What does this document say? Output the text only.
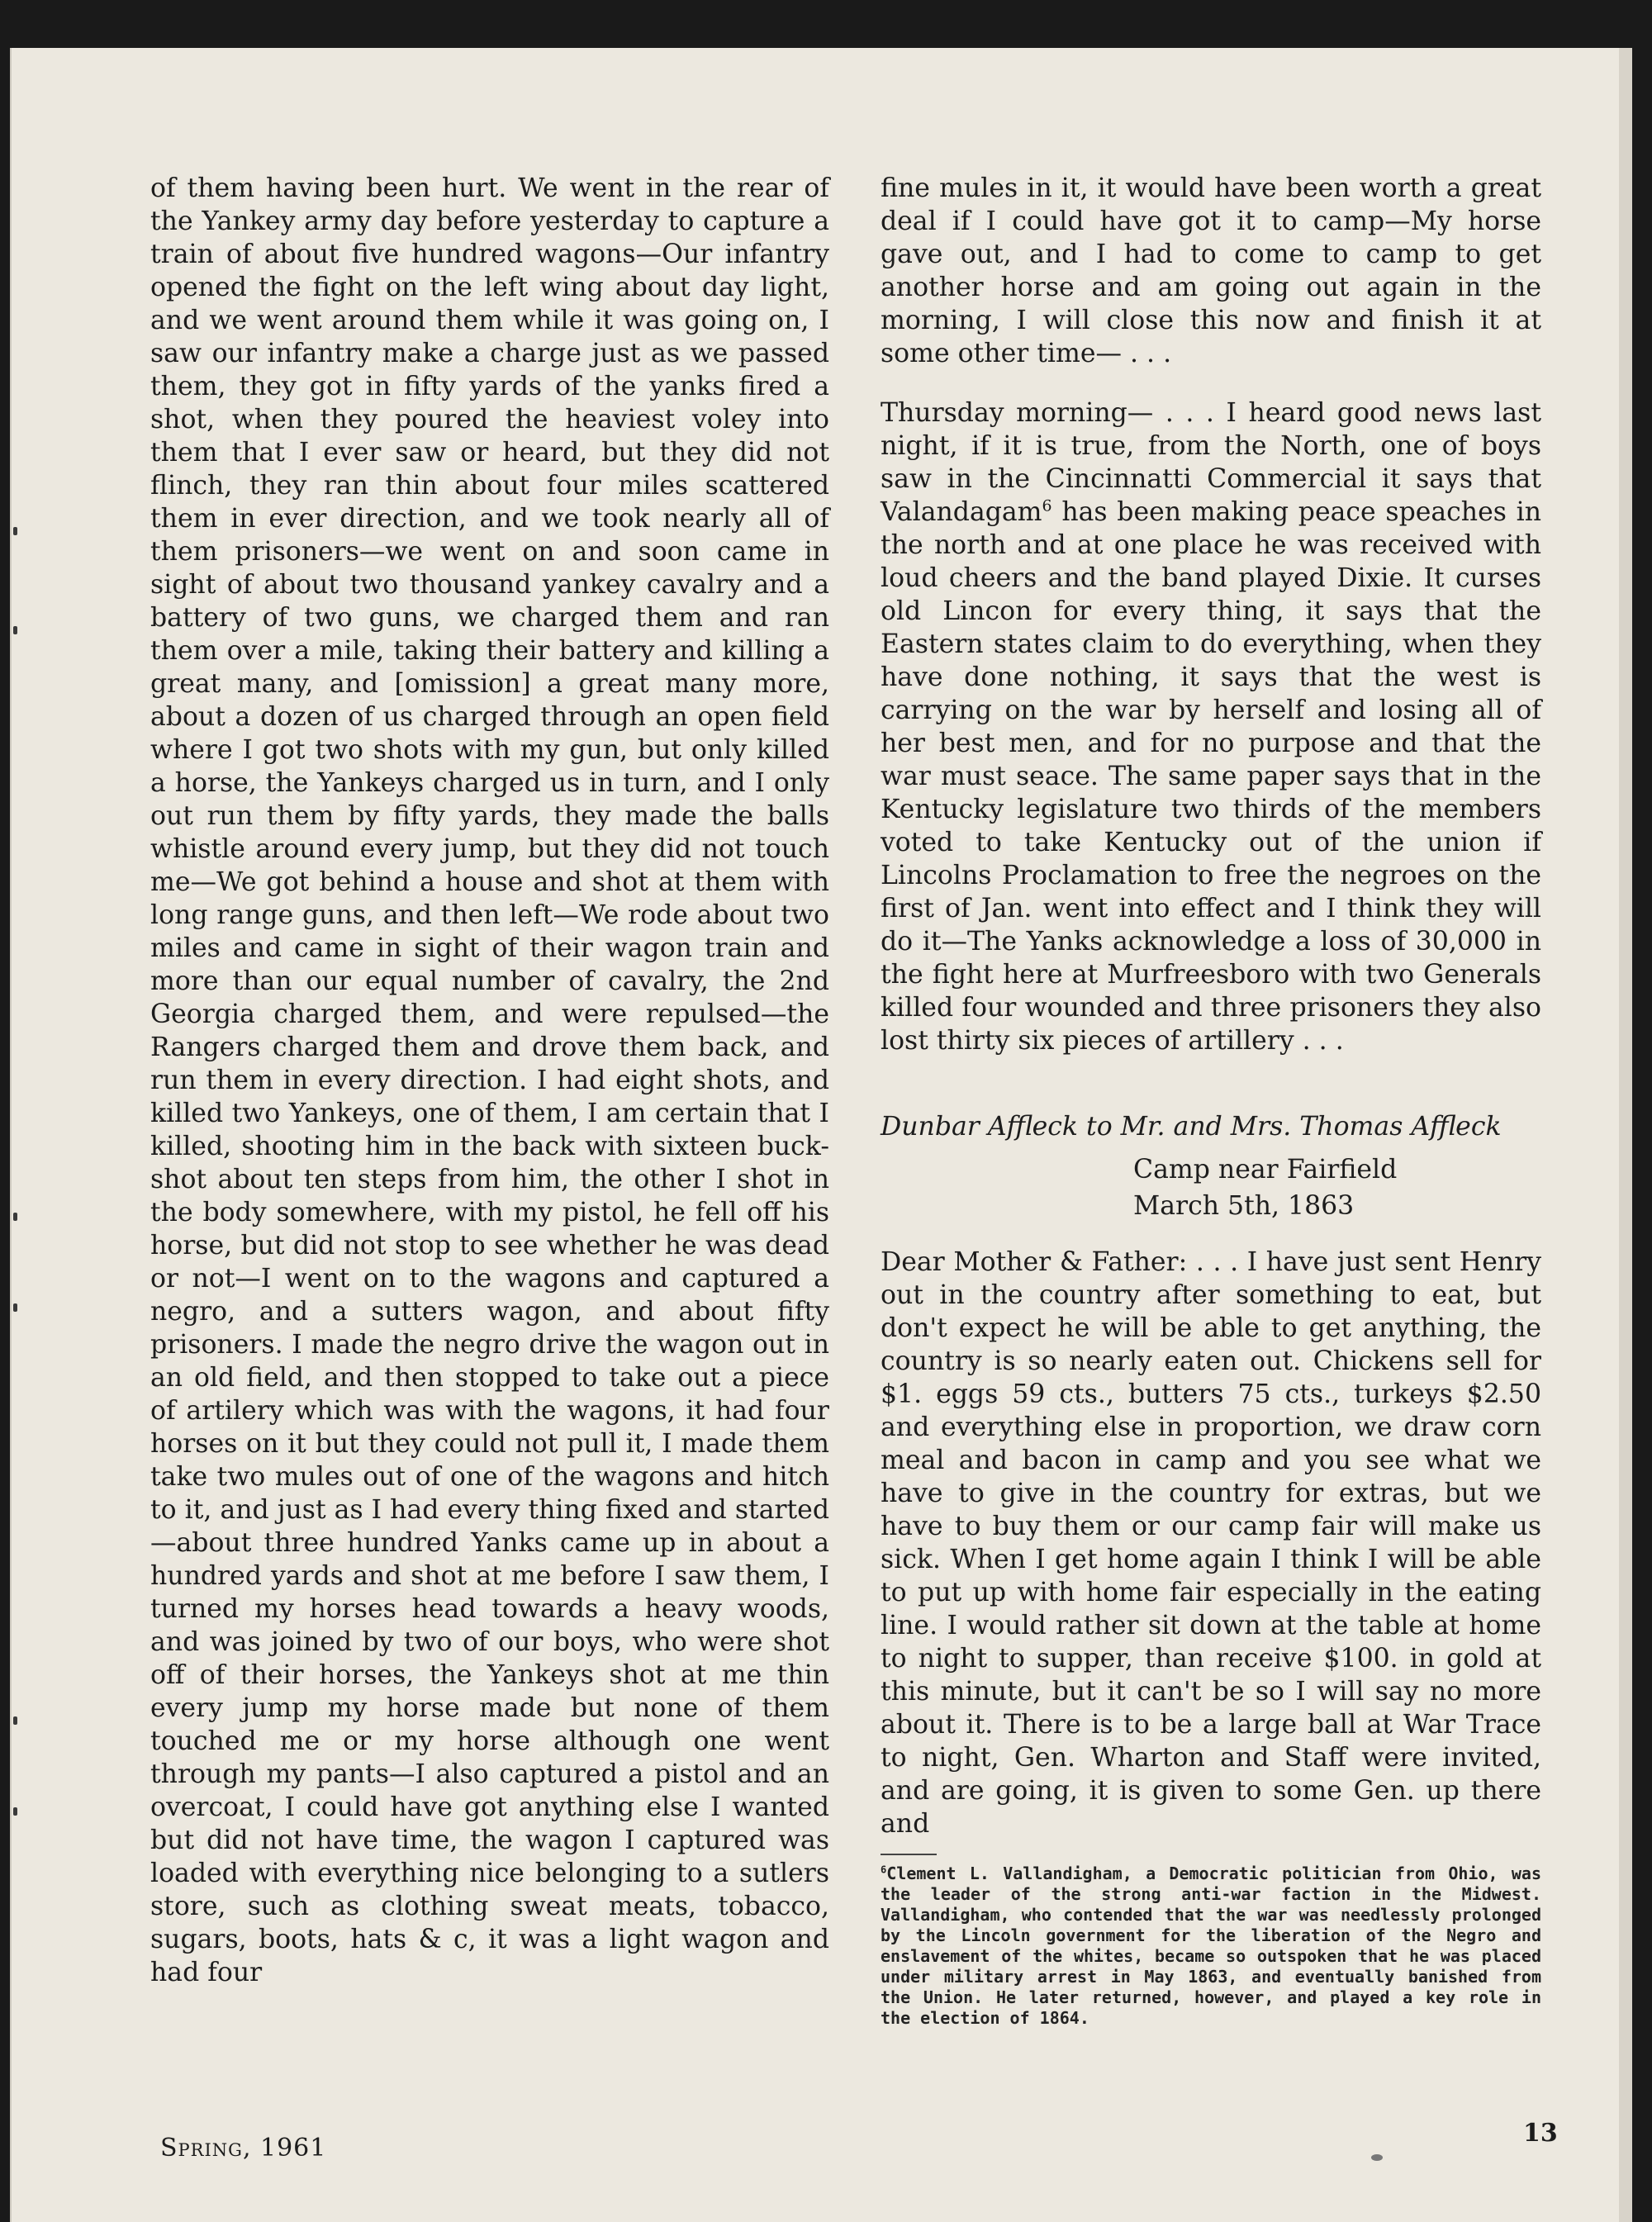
of them having been hurt. We went in the rear of the Yankey army day before yesterday to capture a train of about five hundred wagons—Our infantry opened the fight on the left wing about day light, and we went around them while it was going on, I saw our infantry make a charge just as we passed them, they got in fifty yards of the yanks fired a shot, when they poured the heaviest voley into them that I ever saw or heard, but they did not flinch, they ran thin about four miles scattered them in ever direction, and we took nearly all of them prisoners—we went on and soon came in sight of about two thousand yankey cavalry and a battery of two guns, we charged them and ran them over a mile, taking their battery and killing a great many, and [omission] a great many more, about a dozen of us charged through an open field where I got two shots with my gun, but only killed a horse, the Yankeys charged us in turn, and I only out run them by fifty yards, they made the balls whistle around every jump, but they did not touch me—We got behind a house and shot at them with long range guns, and then left—We rode about two miles and came in sight of their wagon train and more than our equal number of cavalry, the 2nd Georgia charged them, and were repulsed—the Rangers charged them and drove them back, and run them in every direction. I had eight shots, and killed two Yankeys, one of them, I am certain that I killed, shooting him in the back with sixteen buck-shot about ten steps from him, the other I shot in the body somewhere, with my pistol, he fell off his horse, but did not stop to see whether he was dead or not—I went on to the wagons and captured a negro, and a sutters wagon, and about fifty prisoners. I made the negro drive the wagon out in an old field, and then stopped to take out a piece of artilery which was with the wagons, it had four horses on it but they could not pull it, I made them take two mules out of one of the wagons and hitch to it, and just as I had every thing fixed and started—about three hundred Yanks came up in about a hundred yards and shot at me before I saw them, I turned my horses head towards a heavy woods, and was joined by two of our boys, who were shot off of their horses, the Yankeys shot at me thin every jump my horse made but none of them touched me or my horse although one went through my pants—I also captured a pistol and an overcoat, I could have got anything else I wanted but did not have time, the wagon I captured was loaded with everything nice belonging to a sutlers store, such as clothing sweat meats, tobacco, sugars, boots, hats & c, it was a light wagon and had four

fine mules in it, it would have been worth a great deal if I could have got it to camp—My horse gave out, and I had to come to camp to get another horse and am going out again in the morning, I will close this now and finish it at some other time— . . .

Thursday morning— . . . I heard good news last night, if it is true, from the North, one of boys saw in the Cincinnatti Commercial it says that Valandagam$^6$ has been making peace speaches in the north and at one place he was received with loud cheers and the band played Dixie. It curses old Lincon for every thing, it says that the Eastern states claim to do everything, when they have done nothing, it says that the west is carrying on the war by herself and losing all of her best men, and for no purpose and that the war must seace. The same paper says that in the Kentucky legislature two thirds of the members voted to take Kentucky out of the union if Lincolns Proclamation to free the negroes on the first of Jan. went into effect and I think they will do it—The Yanks acknowledge a loss of 30,000 in the fight here at Murfreesboro with two Generals killed four wounded and three prisoners they also lost thirty six pieces of artillery . . .

Dunbar Affleck to Mr. and Mrs. Thomas Affleck

Camp near Fairfield
March 5th, 1863

Dear Mother & Father: . . . I have just sent Henry out in the country after something to eat, but don't expect he will be able to get anything, the country is so nearly eaten out. Chickens sell for $1. eggs 59 cts., butters 75 cts., turkeys $2.50 and everything else in proportion, we draw corn meal and bacon in camp and you see what we have to give in the country for extras, but we have to buy them or our camp fair will make us sick. When I get home again I think I will be able to put up with home fair especially in the eating line. I would rather sit down at the table at home to night to supper, than receive $100. in gold at this minute, but it can't be so I will say no more about it. There is to be a large ball at War Trace to night, Gen. Wharton and Staff were invited, and are going, it is given to some Gen. up there and

$^6$Clement L. Vallandigham, a Democratic politician from Ohio, was the leader of the strong anti-war faction in the Midwest. Vallandigham, who contended that the war was needlessly prolonged by the Lincoln government for the liberation of the Negro and enslavement of the whites, became so outspoken that he was placed under military arrest in May 1863, and eventually banished from the Union. He later returned, however, and played a key role in the election of 1864.
Spring, 1961
13
